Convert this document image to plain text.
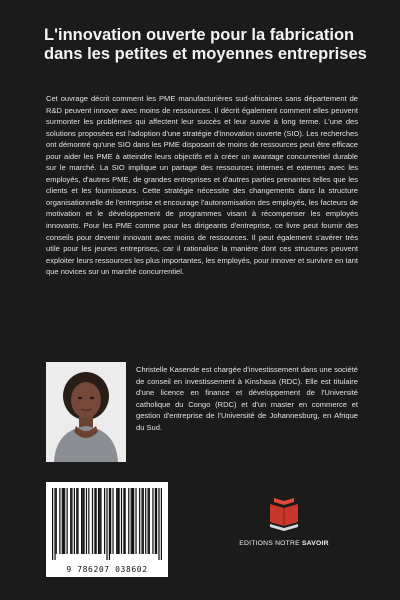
L'innovation ouverte pour la fabrication dans les petites et moyennes entreprises

Cet ouvrage décrit comment les PME manufacturières sud-africaines sans département de R&D peuvent innover avec moins de ressources. Il décrit également comment elles peuvent surmonter les problèmes qui affectent leur succès et leur survie à long terme. L'une des solutions proposées est l'adoption d'une stratégie d'innovation ouverte (SIO). Les recherches ont démontré qu'une SIO dans les PME disposant de moins de ressources peut être efficace pour aider les PME à atteindre leurs objectifs et à créer un avantage concurrentiel durable sur le marché. La SIO implique un partage des ressources internes et externes avec les employés, d'autres PME, de grandes entreprises et d'autres parties prenantes telles que les clients et les fournisseurs. Cette stratégie nécessite des changements dans la structure organisationnelle de l'entreprise et encourage l'autonomisation des employés, les facteurs de motivation et le développement de programmes visant à récompenser les employés innovants. Pour les PME comme pour les dirigeants d'entreprise, ce livre peut fournir des conseils pour devenir innovant avec moins de ressources. Il peut également s'avérer très utile pour les jeunes entreprises, car il rationalise la manière dont ces structures peuvent exploiter leurs ressources les plus importantes, les employés, pour innover et survivre en tant que novices sur un marché concurrentiel.

Christelle Kasende est chargée d'investissement dans une société de conseil en investissement à Kinshasa (RDC). Elle est titulaire d'une licence en finance et développement de l'Université catholique du Congo (RDC) et d'un master en commerce et gestion d'entreprise de l'Université de Johannesburg, en Afrique du Sud.

9 786207 038602
EDITIONS NOTRE SAVOIR
